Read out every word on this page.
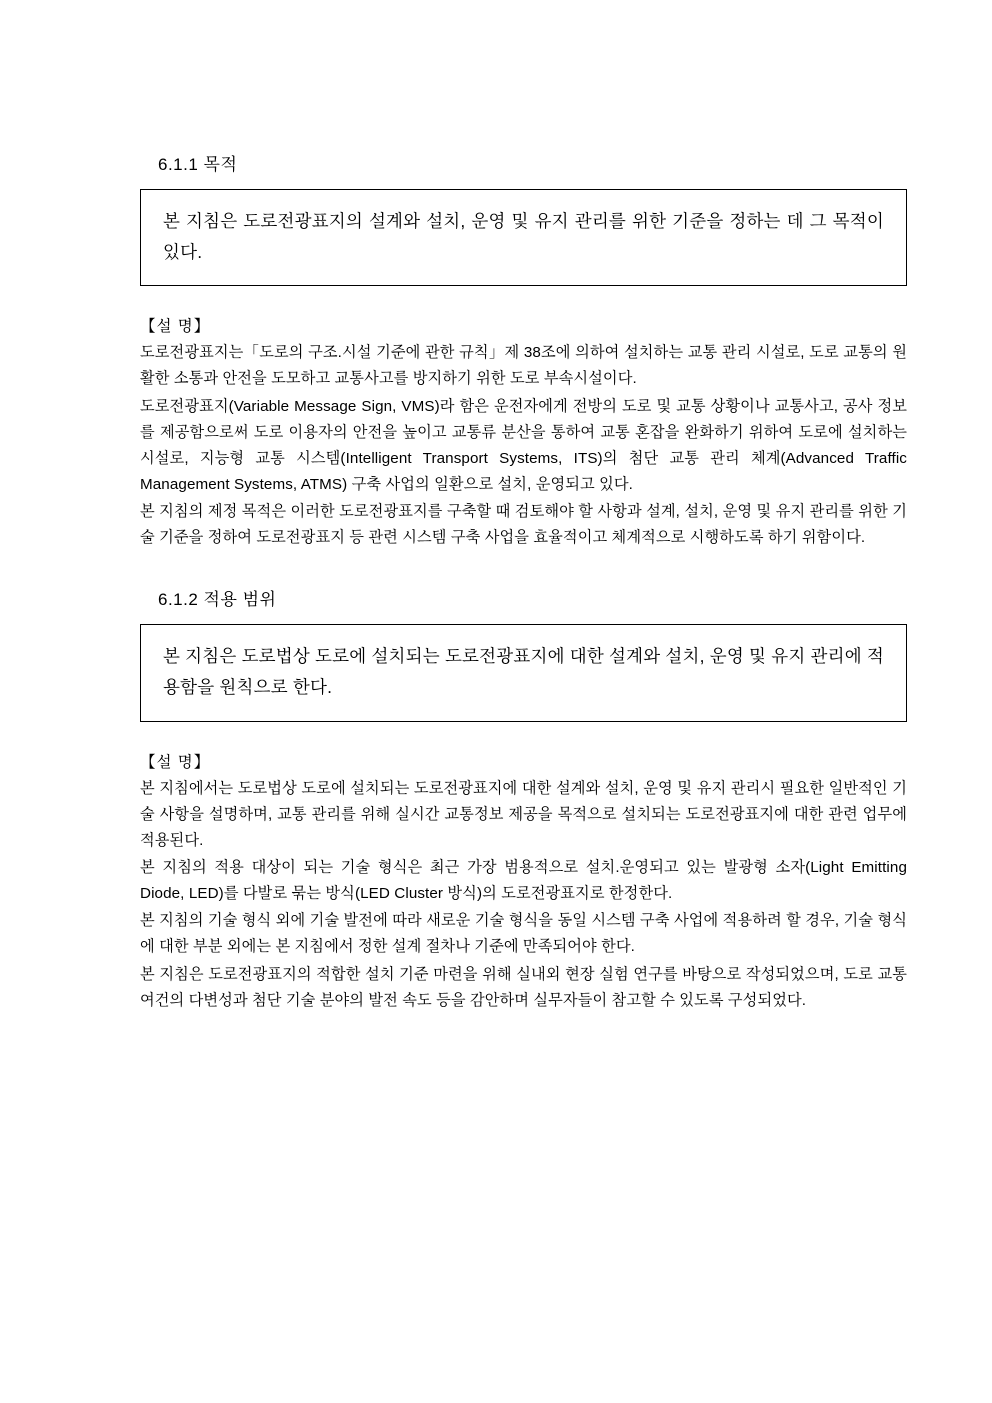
6.1.1 목적

본 지침은 도로전광표지의 설계와 설치, 운영 및 유지 관리를 위한 기준을 정하는 데 그 목적이 있다.

【설 명】

도로전광표지는「도로의 구조.시설 기준에 관한 규칙」제 38조에 의하여 설치하는 교통 관리 시설로, 도로 교통의 원활한 소통과 안전을 도모하고 교통사고를 방지하기 위한 도로 부속시설이다.

도로전광표지(Variable Message Sign, VMS)라 함은 운전자에게 전방의 도로 및 교통 상황이나 교통사고, 공사 정보를 제공함으로써 도로 이용자의 안전을 높이고 교통류 분산을 통하여 교통 혼잡을 완화하기 위하여 도로에 설치하는 시설로, 지능형 교통 시스템(Intelligent Transport Systems, ITS)의 첨단 교통 관리 체계(Advanced Traffic Management Systems, ATMS) 구축 사업의 일환으로 설치, 운영되고 있다.

본 지침의 제정 목적은 이러한 도로전광표지를 구축할 때 검토해야 할 사항과 설계, 설치, 운영 및 유지 관리를 위한 기술 기준을 정하여 도로전광표지 등 관련 시스템 구축 사업을 효율적이고 체계적으로 시행하도록 하기 위함이다.

6.1.2 적용 범위

본 지침은 도로법상 도로에 설치되는 도로전광표지에 대한 설계와 설치, 운영 및 유지 관리에 적용함을 원칙으로 한다.

【설 명】

본 지침에서는 도로법상 도로에 설치되는 도로전광표지에 대한 설계와 설치, 운영 및 유지 관리시 필요한 일반적인 기술 사항을 설명하며, 교통 관리를 위해 실시간 교통정보 제공을 목적으로 설치되는 도로전광표지에 대한 관련 업무에 적용된다.

본 지침의 적용 대상이 되는 기술 형식은 최근 가장 범용적으로 설치.운영되고 있는 발광형 소자(Light Emitting Diode, LED)를 다발로 묶는 방식(LED Cluster 방식)의 도로전광표지로 한정한다.

본 지침의 기술 형식 외에 기술 발전에 따라 새로운 기술 형식을 동일 시스템 구축 사업에 적용하려 할 경우, 기술 형식에 대한 부분 외에는 본 지침에서 정한 설계 절차나 기준에 만족되어야 한다.

본 지침은 도로전광표지의 적합한 설치 기준 마련을 위해 실내외 현장 실험 연구를 바탕으로 작성되었으며, 도로 교통 여건의 다변성과 첨단 기술 분야의 발전 속도 등을 감안하며 실무자들이 참고할 수 있도록 구성되었다.
